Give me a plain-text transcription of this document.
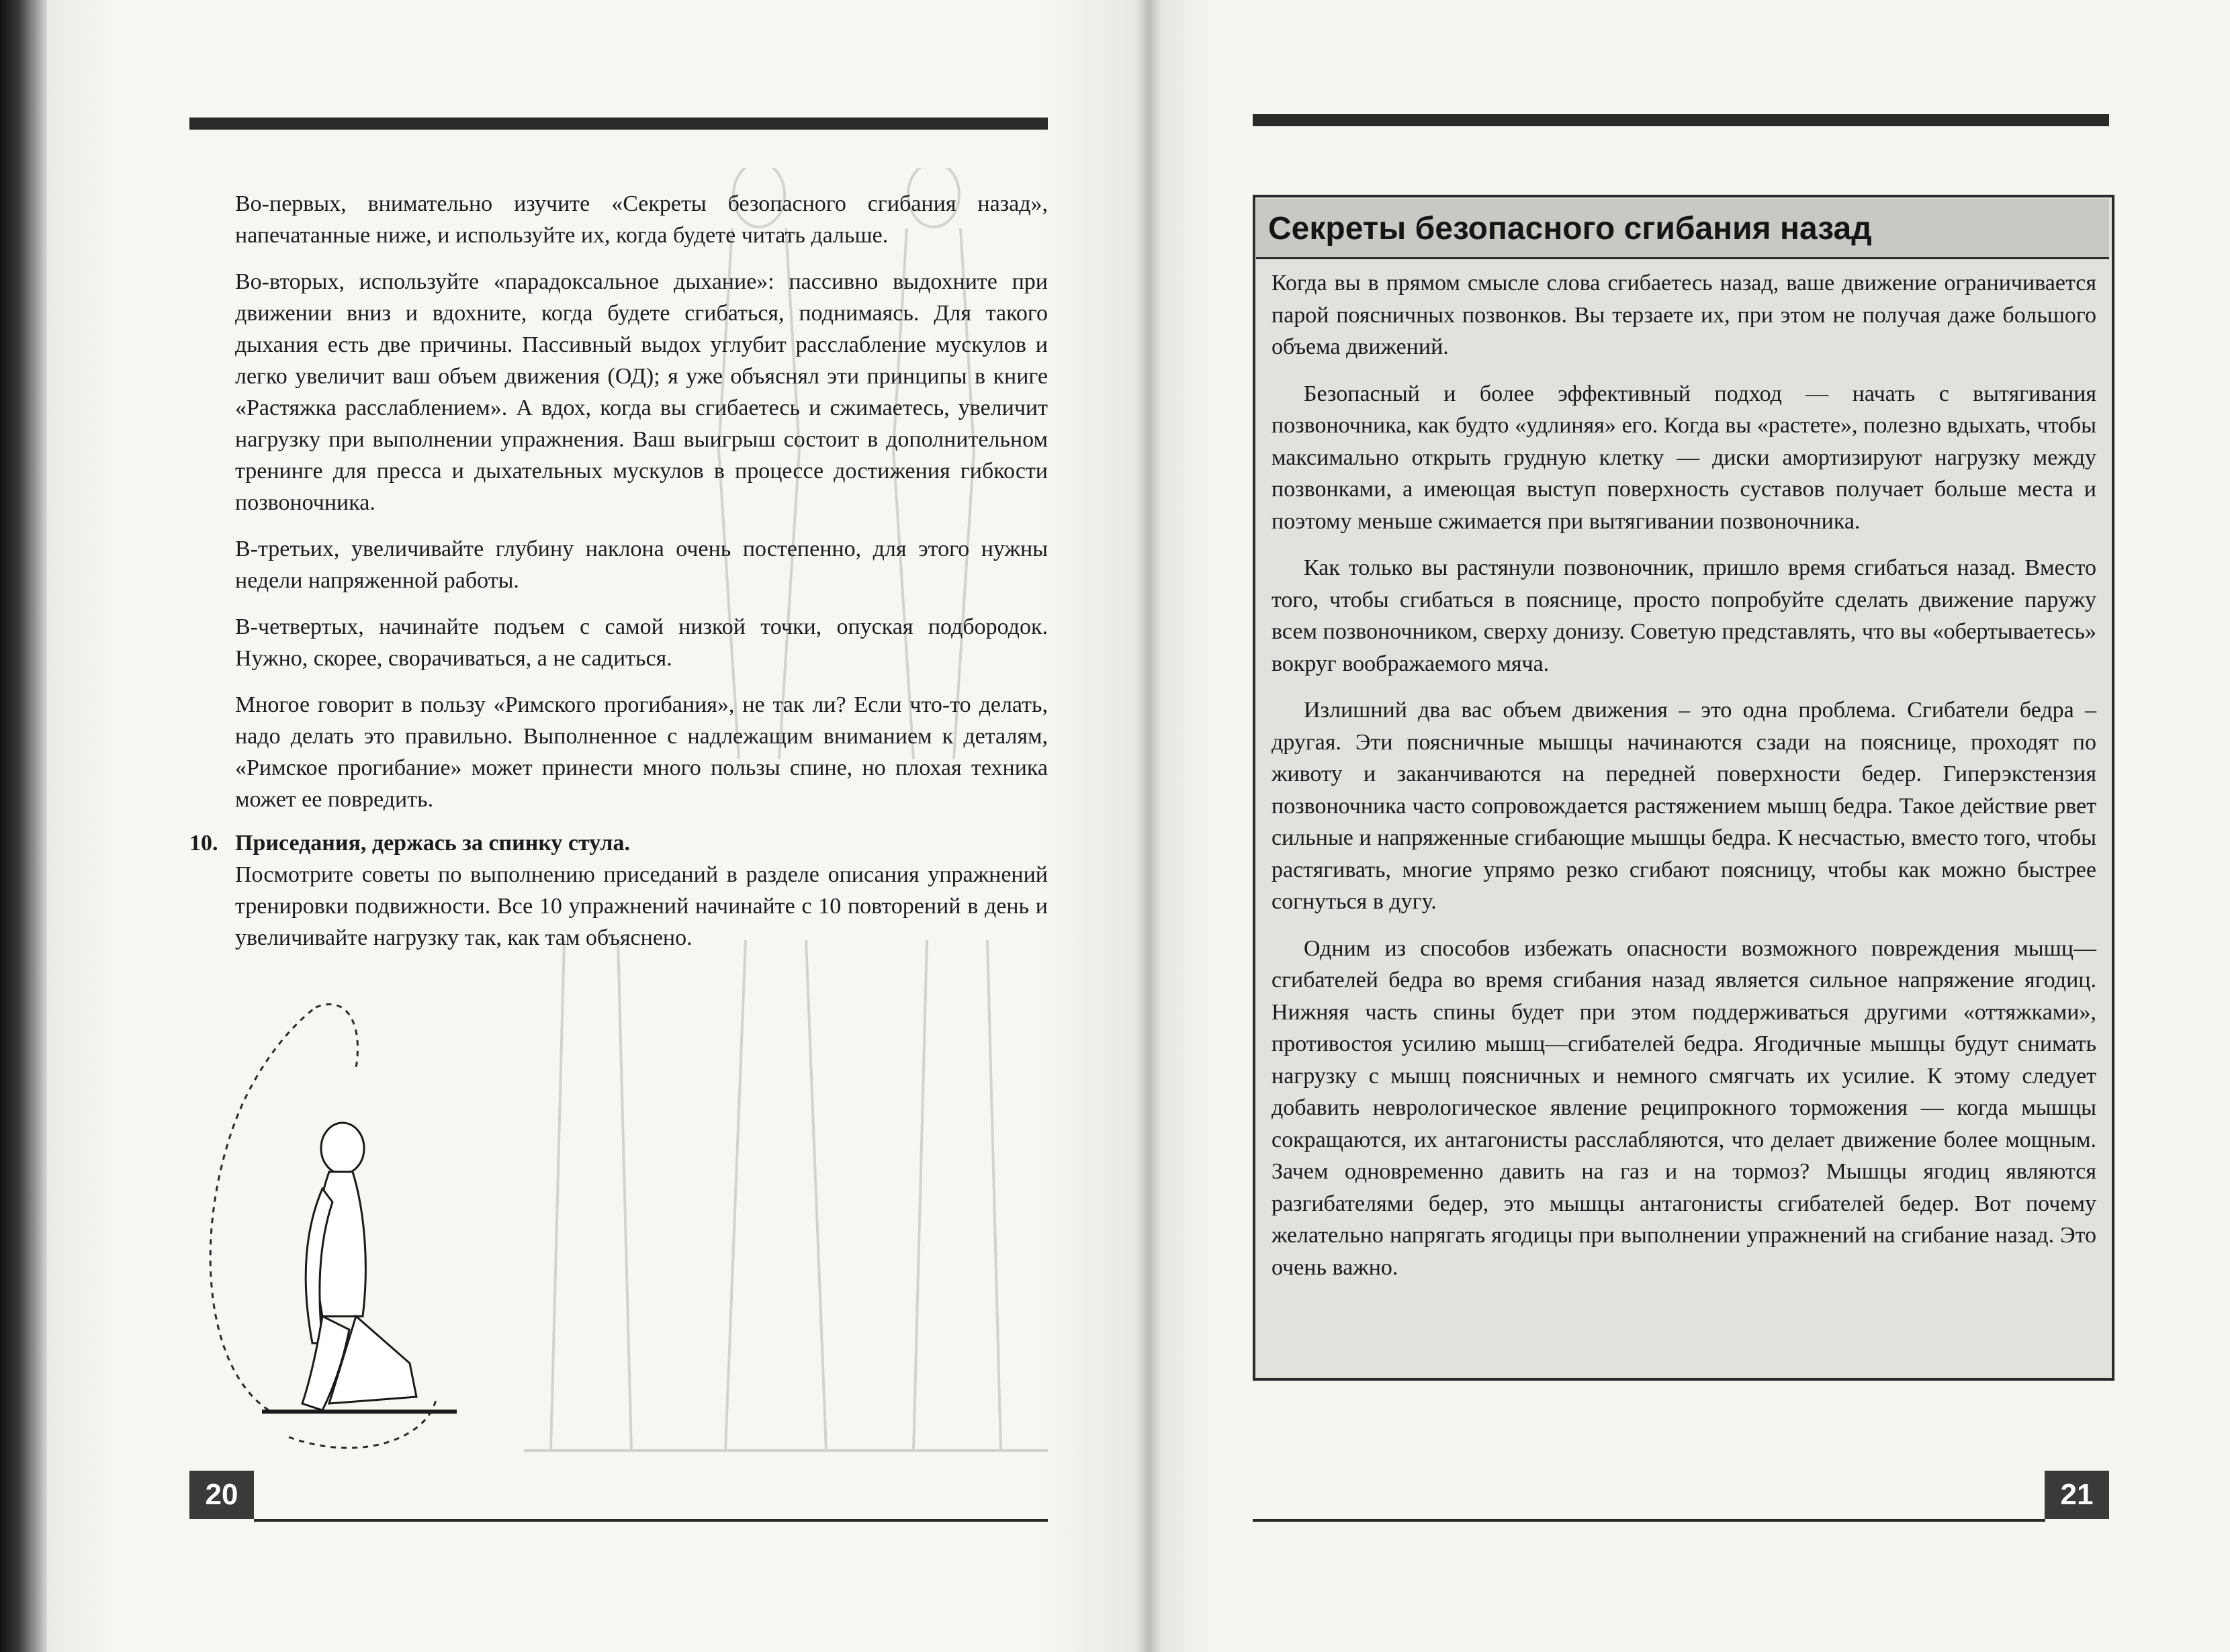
Во-первых, внимательно изучите «Секреты безопасного сгибания назад», напечатанные ниже, и используйте их, когда будете читать дальше.

Во-вторых, используйте «парадоксальное дыхание»: пассивно выдохните при движении вниз и вдохните, когда будете сгибаться, поднимаясь. Для такого дыхания есть две причины. Пассивный выдох углубит расслабление мускулов и легко увеличит ваш объем движения (ОД); я уже объяснял эти принципы в книге «Растяжка расслаблением». А вдох, когда вы сгибаетесь и сжимаетесь, увеличит нагрузку при выполнении упражнения. Ваш выигрыш состоит в дополнительном тренинге для пресса и дыхательных мускулов в процессе достижения гибкости позвоночника.

В-третьих, увеличивайте глубину наклона очень постепенно, для этого нужны недели напряженной работы.

В-четвертых, начинайте подъем с самой низкой точки, опуская подбородок. Нужно, скорее, сворачиваться, а не садиться.

Многое говорит в пользу «Римского прогибания», не так ли? Если что-то делать, надо делать это правильно. Выполненное с надлежащим вниманием к деталям, «Римское прогибание» может принести много пользы спине, но плохая техника может ее повредить.

10. Приседания, держась за спинку стула.
Посмотрите советы по выполнению приседаний в разделе описания упражнений тренировки подвижности. Все 10 упражнений начинайте с 10 повторений в день и увеличивайте нагрузку так, как там объяснено.
20
Секреты безопасного сгибания назад

Когда вы в прямом смысле слова сгибаетесь назад, ваше движение ограничивается парой поясничных позвонков. Вы терзаете их, при этом не получая даже большого объема движений.

Безопасный и более эффективный подход — начать с вытягивания позвоночника, как будто «удлиняя» его. Когда вы «растете», полезно вдыхать, чтобы максимально открыть грудную клетку — диски амортизируют нагрузку между позвонками, а имеющая выступ поверхность суставов получает больше места и поэтому меньше сжимается при вытягивании позвоночника.

Как только вы растянули позвоночник, пришло время сгибаться назад. Вместо того, чтобы сгибаться в пояснице, просто попробуйте сделать движение паружу всем позвоночником, сверху донизу. Советую представлять, что вы «обертываетесь» вокруг воображаемого мяча.

Излишний два вас объем движения – это одна проблема. Сгибатели бедра – другая. Эти поясничные мышцы начинаются сзади на пояснице, проходят по животу и заканчиваются на передней поверхности бедер. Гиперэкстензия позвоночника часто сопровождается растяжением мышц бедра. Такое действие рвет сильные и напряженные сгибающие мышцы бедра. К несчастью, вместо того, чтобы растягивать, многие упрямо резко сгибают поясницу, чтобы как можно быстрее согнуться в дугу.

Одним из способов избежать опасности возможного повреждения мышц—сгибателей бедра во время сгибания назад является сильное напряжение ягодиц. Нижняя часть спины будет при этом поддерживаться другими «оттяжками», противостоя усилию мышц—сгибателей бедра. Ягодичные мышцы будут снимать нагрузку с мышц поясничных и немного смягчать их усилие. К этому следует добавить неврологическое явление реципрокного торможения — когда мышцы сокращаются, их антагонисты расслабляются, что делает движение более мощным. Зачем одновременно давить на газ и на тормоз? Мышцы ягодиц являются разгибателями бедер, это мышцы антагонисты сгибателей бедер. Вот почему желательно напрягать ягодицы при выполнении упражнений на сгибание назад. Это очень важно.

21
